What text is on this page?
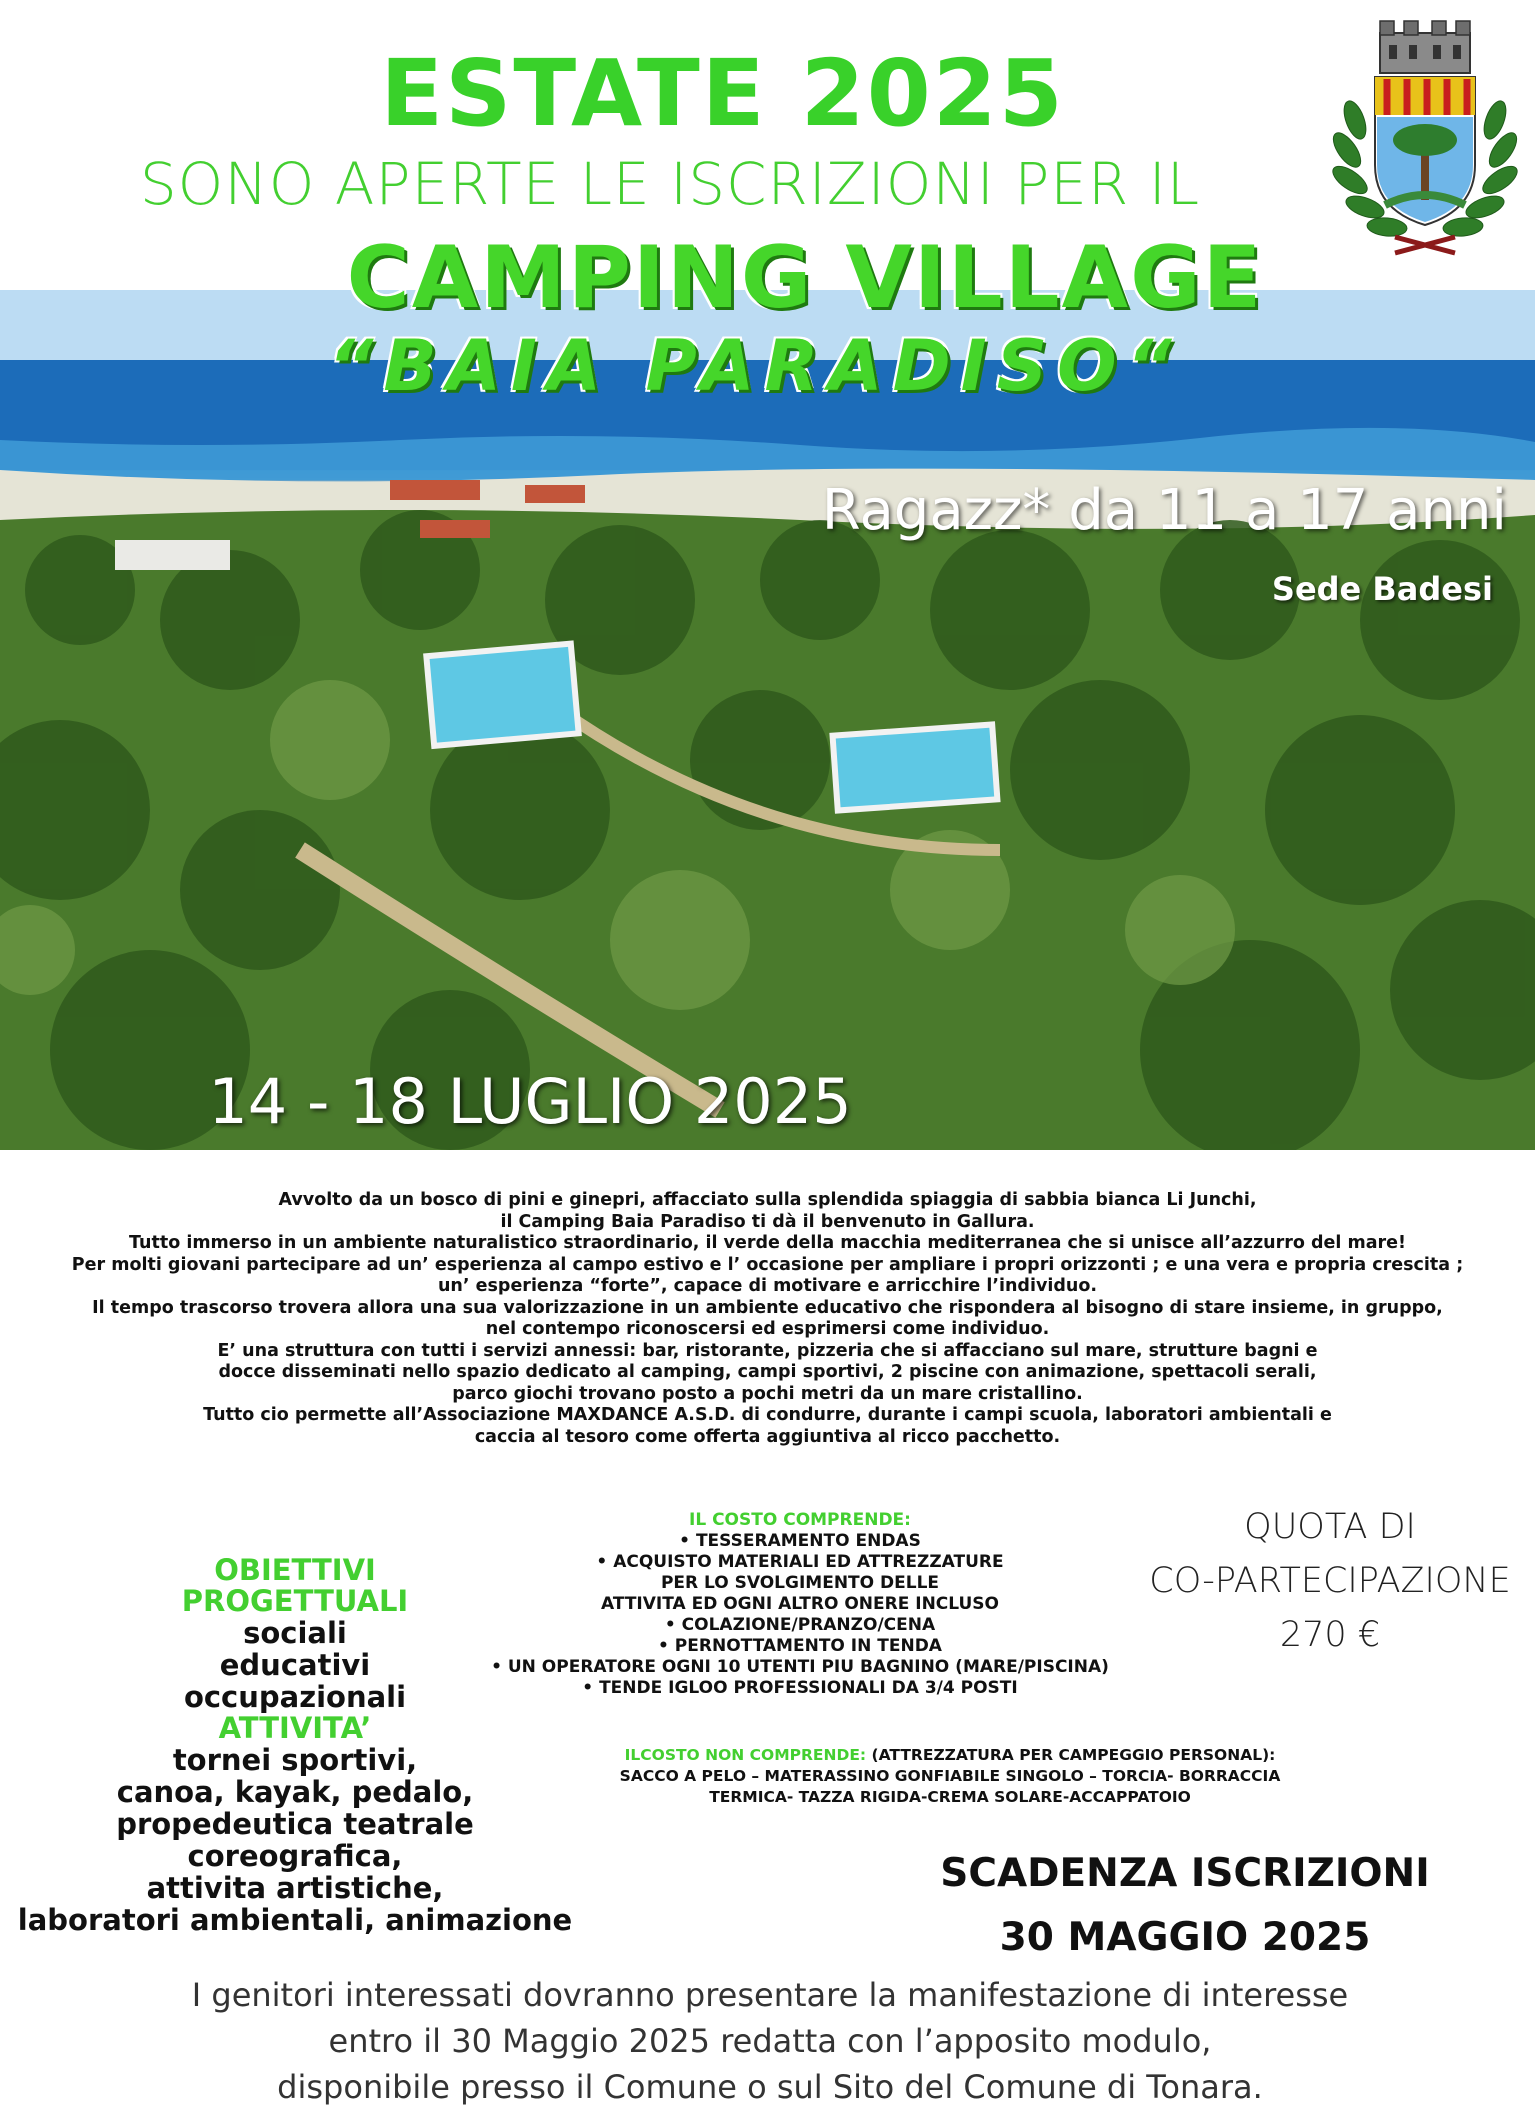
ESTATE 2025
SONO APERTE LE ISCRIZIONI PER IL
CAMPING VILLAGE
“BAIA PARADISO“
Ragazz* da 11 a 17 anni
Sede Badesi
14 - 18 LUGLIO 2025
Avvolto da un bosco di pini e ginepri, affacciato sulla splendida spiaggia di sabbia bianca Li Junchi,
il Camping Baia Paradiso ti dà il benvenuto in Gallura.
Tutto immerso in un ambiente naturalistico straordinario, il verde della macchia mediterranea che si unisce all’azzurro del mare!
Per molti giovani partecipare ad un’ esperienza al campo estivo e l’ occasione per ampliare i propri orizzonti ; e una vera e propria crescita ;
un’ esperienza “forte”, capace di motivare e arricchire l’individuo.
Il tempo trascorso trovera allora una sua valorizzazione in un ambiente educativo che rispondera al bisogno di stare insieme, in gruppo,
nel contempo riconoscersi ed esprimersi come individuo.
E’ una struttura con tutti i servizi annessi: bar, ristorante, pizzeria che si affacciano sul mare, strutture bagni e
docce disseminati nello spazio dedicato al camping, campi sportivi, 2 piscine con animazione, spettacoli serali,
parco giochi trovano posto a pochi metri da un mare cristallino.
Tutto cio permette all’Associazione MAXDANCE A.S.D. di condurre, durante i campi scuola, laboratori ambientali e
caccia al tesoro come offerta aggiuntiva al ricco pacchetto.
OBIETTIVI
PROGETTUALI
sociali
educativi
occupazionali
ATTIVITA’
tornei sportivi,
canoa, kayak, pedalo,
propedeutica teatrale
coreografica,
attivita artistiche,
laboratori ambientali, animazione
IL COSTO COMPRENDE:
• TESSERAMENTO ENDAS
• ACQUISTO MATERIALI ED ATTREZZATURE
PER LO SVOLGIMENTO DELLE
ATTIVITA ED OGNI ALTRO ONERE INCLUSO
• COLAZIONE/PRANZO/CENA
• PERNOTTAMENTO IN TENDA
• UN OPERATORE OGNI 10 UTENTI PIU BAGNINO (MARE/PISCINA)
• TENDE IGLOO PROFESSIONALI DA 3/4 POSTI
ILCOSTO NON COMPRENDE: (ATTREZZATURA PER CAMPEGGIO PERSONAL):
SACCO A PELO – MATERASSINO GONFIABILE SINGOLO – TORCIA- BORRACCIA
TERMICA- TAZZA RIGIDA-CREMA SOLARE-ACCAPPATOIO
QUOTA DI
CO-PARTECIPAZIONE
270 €
SCADENZA ISCRIZIONI
30 MAGGIO 2025
I genitori interessati dovranno presentare la manifestazione di interesse
entro il 30 Maggio 2025 redatta con l’apposito modulo,
disponibile presso il Comune o sul Sito del Comune di Tonara.
